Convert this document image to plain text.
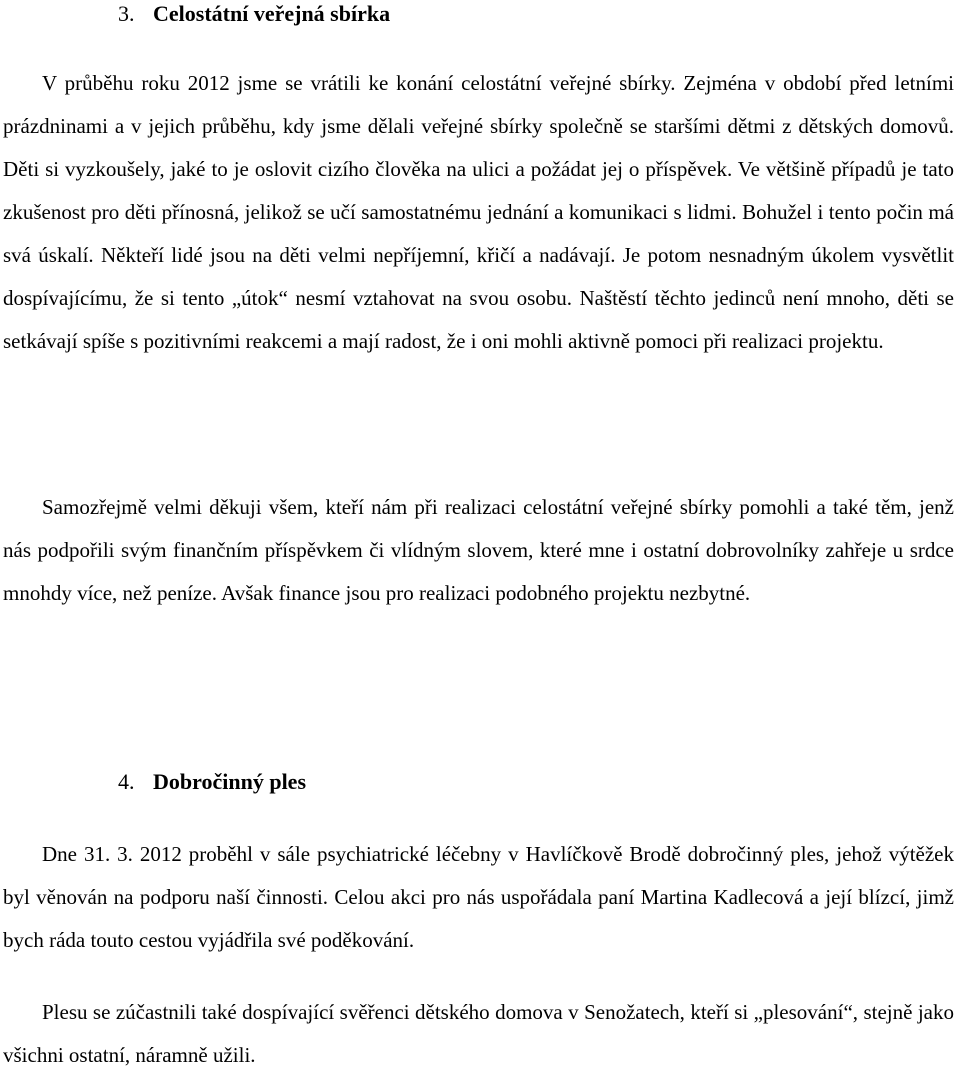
3. Celostátní veřejná sbírka

V průběhu roku 2012 jsme se vrátili ke konání celostátní veřejné sbírky. Zejména v období před letními prázdninami a v jejich průběhu, kdy jsme dělali veřejné sbírky společně se staršími dětmi z dětských domovů. Děti si vyzkoušely, jaké to je oslovit cizího člověka na ulici a požádat jej o příspěvek. Ve většině případů je tato zkušenost pro děti přínosná, jelikož se učí samostatnému jednání a komunikaci s lidmi. Bohužel i tento počin má svá úskalí. Někteří lidé jsou na děti velmi nepříjemní, křičí a nadávají. Je potom nesnadným úkolem vysvětlit dospívajícímu, že si tento „útok“ nesmí vztahovat na svou osobu. Naštěstí těchto jedinců není mnoho, děti se setkávají spíše s pozitivními reakcemi a mají radost, že i oni mohli aktivně pomoci při realizaci projektu.

Samozřejmě velmi děkuji všem, kteří nám při realizaci celostátní veřejné sbírky pomohli a také těm, jenž nás podpořili svým finančním příspěvkem či vlídným slovem, které mne i ostatní dobrovolníky zahřeje u srdce mnohdy více, než peníze. Avšak finance jsou pro realizaci podobného projektu nezbytné.

4. Dobročinný ples

Dne 31. 3. 2012 proběhl v sále psychiatrické léčebny v Havlíčkově Brodě dobročinný ples, jehož výtěžek byl věnován na podporu naší činnosti. Celou akci pro nás uspořádala paní Martina Kadlecová a její blízcí, jimž bych ráda touto cestou vyjádřila své poděkování.

Plesu se zúčastnili také dospívající svěřenci dětského domova v Senožatech, kteří si „plesování“, stejně jako všichni ostatní, náramně užili.
